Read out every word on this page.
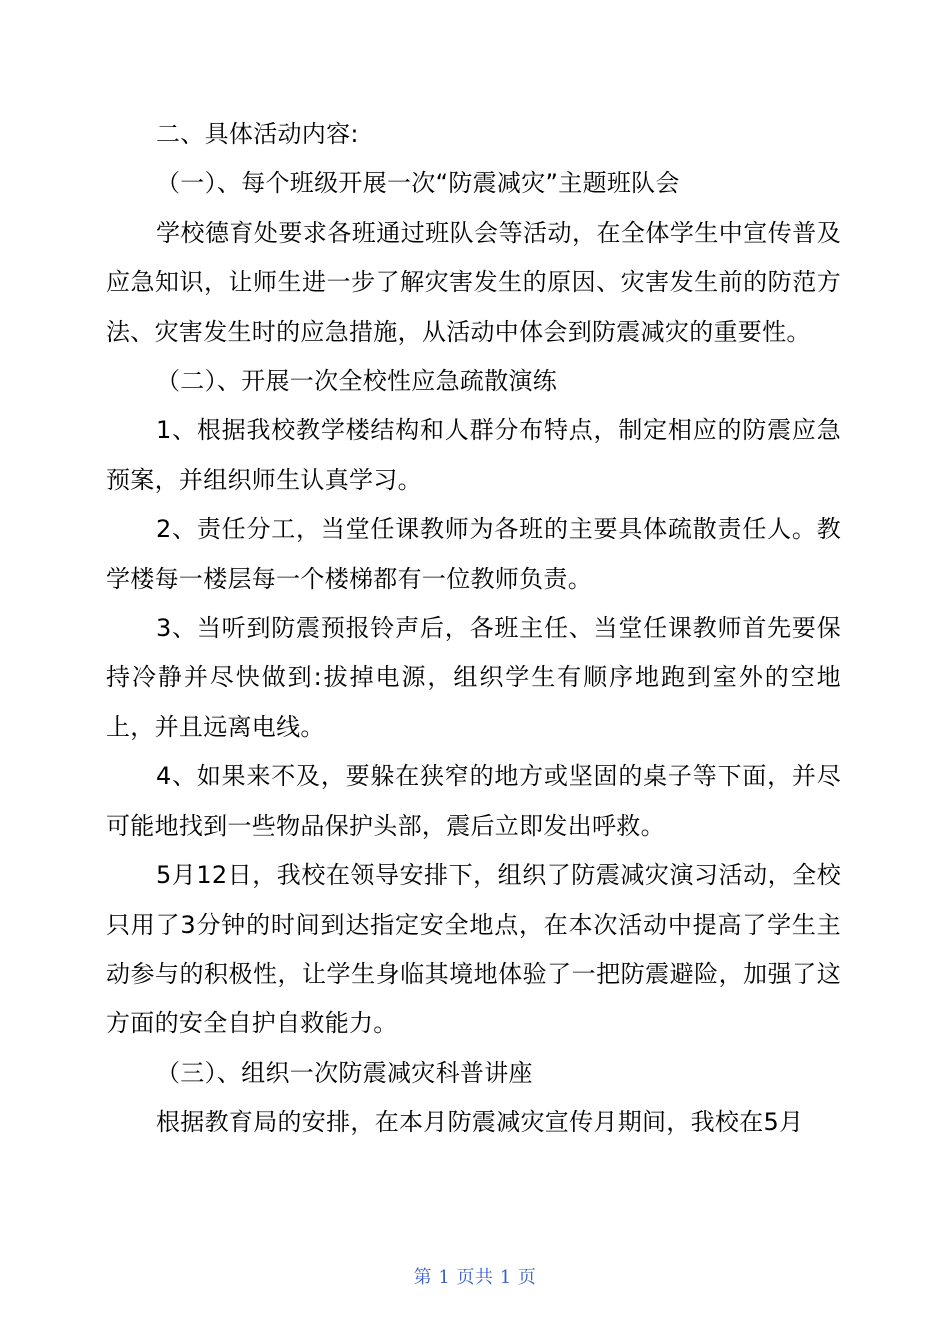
二、具体活动内容:

（一）、每个班级开展一次“防震减灾”主题班队会

学校德育处要求各班通过班队会等活动，在全体学生中宣传普及应急知识，让师生进一步了解灾害发生的原因、灾害发生前的防范方法、灾害发生时的应急措施，从活动中体会到防震减灾的重要性。

（二）、开展一次全校性应急疏散演练

1、根据我校教学楼结构和人群分布特点，制定相应的防震应急预案，并组织师生认真学习。

2、责任分工，当堂任课教师为各班的主要具体疏散责任人。教学楼每一楼层每一个楼梯都有一位教师负责。

3、当听到防震预报铃声后，各班主任、当堂任课教师首先要保持冷静并尽快做到:拔掉电源，组织学生有顺序地跑到室外的空地上，并且远离电线。

4、如果来不及，要躲在狭窄的地方或坚固的桌子等下面，并尽可能地找到一些物品保护头部，震后立即发出呼救。

5月12日，我校在领导安排下，组织了防震减灾演习活动，全校只用了3分钟的时间到达指定安全地点，在本次活动中提高了学生主动参与的积极性，让学生身临其境地体验了一把防震避险，加强了这方面的安全自护自救能力。

（三）、组织一次防震减灾科普讲座

根据教育局的安排，在本月防震减灾宣传月期间，我校在5月

第 1 页共 1 页
